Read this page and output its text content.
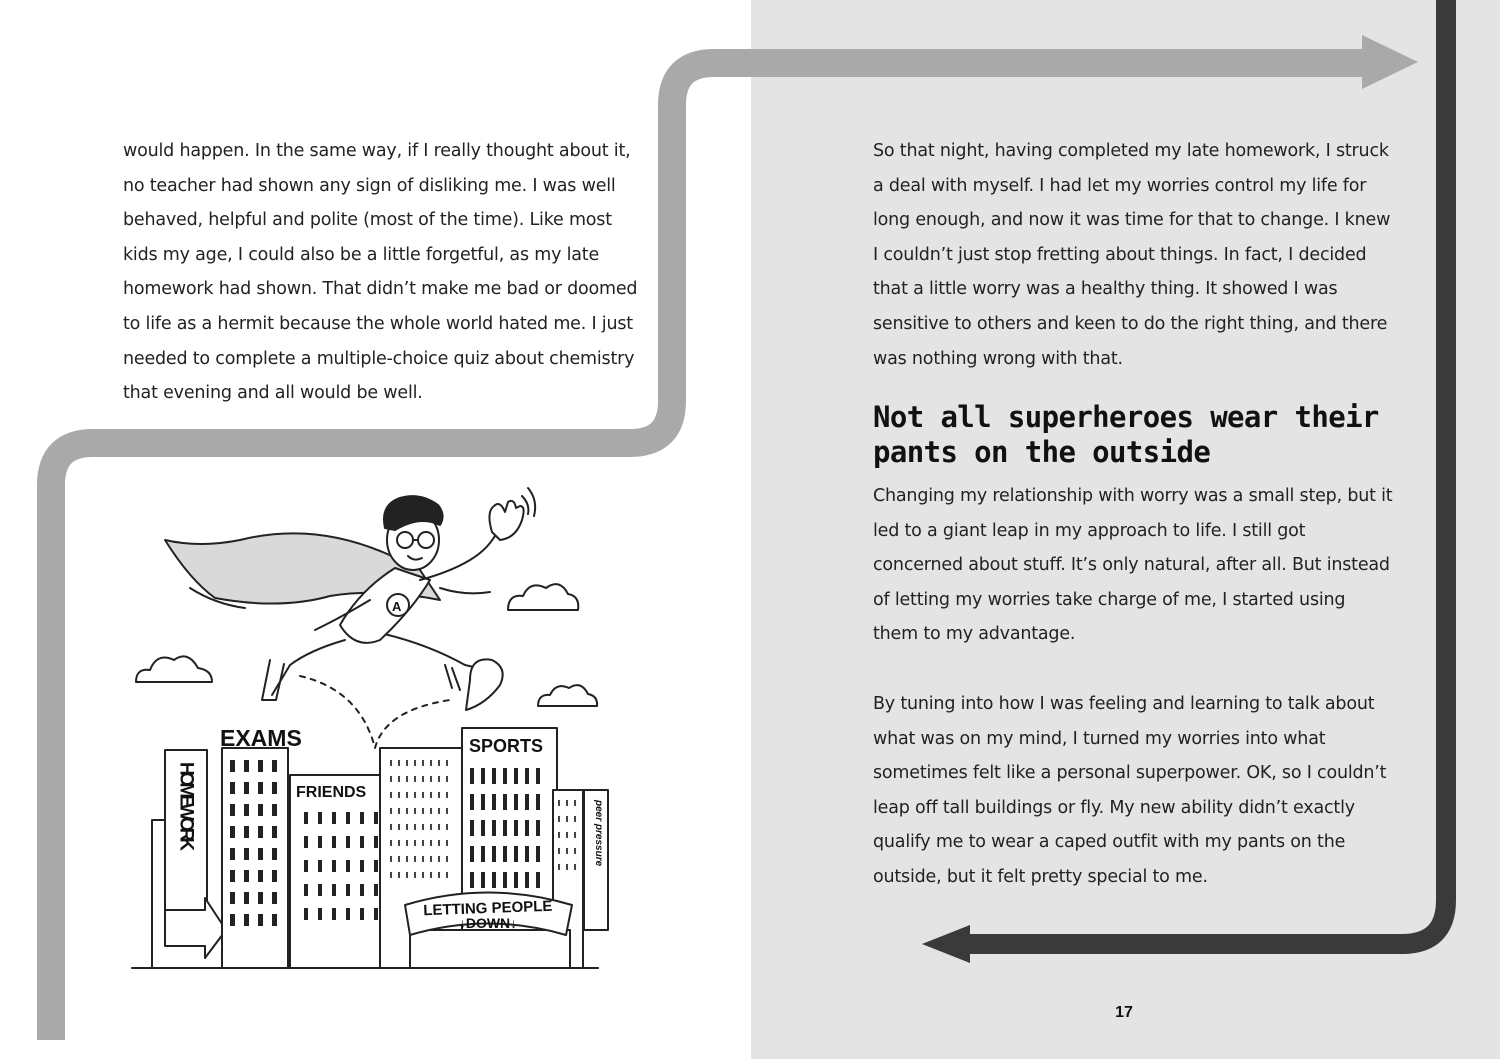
would happen. In the same way, if I really thought about it, no teacher had shown any sign of disliking me. I was well behaved, helpful and polite (most of the time). Like most kids my age, I could also be a little forgetful, as my late homework had shown. That didn’t make me bad or doomed to life as a hermit because the whole world hated me. I just needed to complete a multiple-choice quiz about chemistry that evening and all would be well.

EXAMS	SPORTS
FRIENDS
HOMEWORK
LETTING PEOPLE
↓DOWN↓
peer pressure
A

So that night, having completed my late homework, I struck a deal with myself. I had let my worries control my life for long enough, and now it was time for that to change. I knew I couldn’t just stop fretting about things. In fact, I decided that a little worry was a healthy thing. It showed I was sensitive to others and keen to do the right thing, and there was nothing wrong with that.

Not all superheroes wear their pants on the outside

Changing my relationship with worry was a small step, but it led to a giant leap in my approach to life. I still got concerned about stuff. It’s only natural, after all. But instead of letting my worries take charge of me, I started using them to my advantage.

By tuning into how I was feeling and learning to talk about what was on my mind, I turned my worries into what sometimes felt like a personal superpower. OK, so I couldn’t leap off tall buildings or fly. My new ability didn’t exactly qualify me to wear a caped outfit with my pants on the outside, but it felt pretty special to me.

17
